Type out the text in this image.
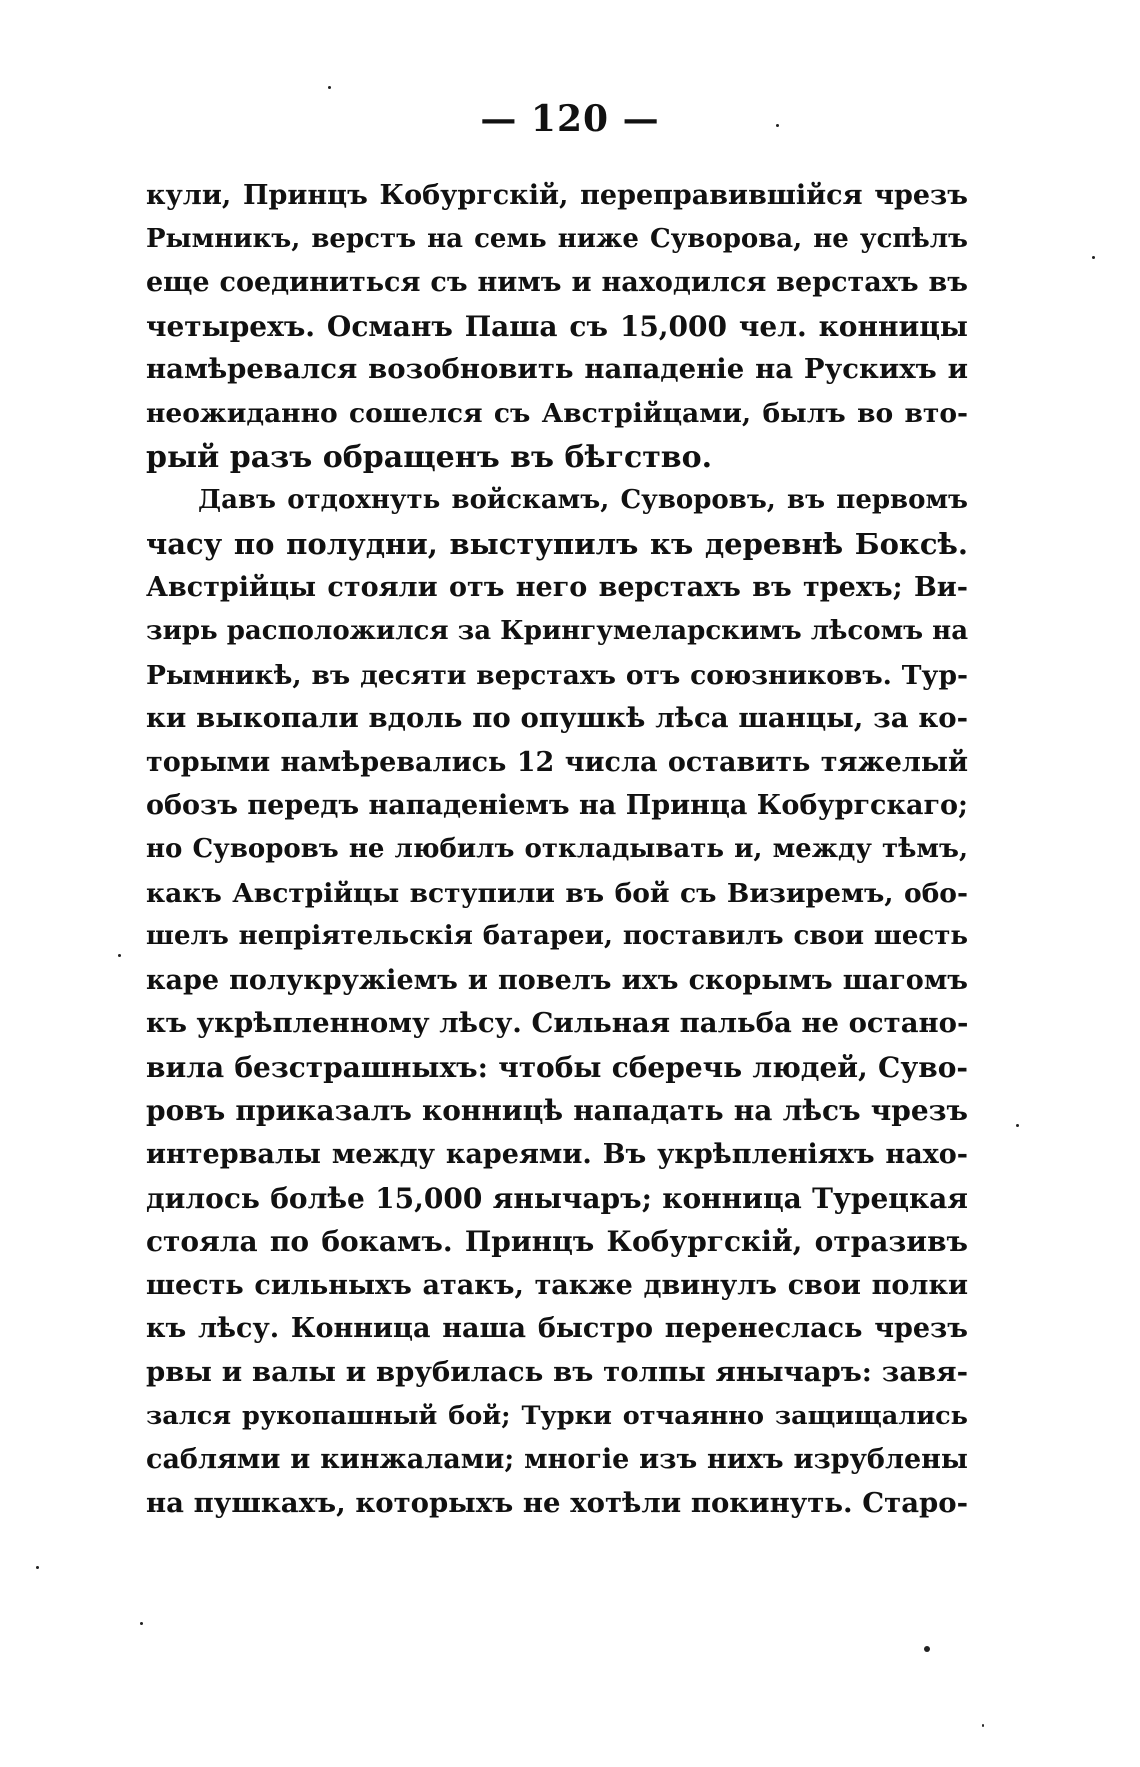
— 120 —
кули, Принцъ Кобургскій, переправившійся чрезъ
Рымникъ, верстъ на семь ниже Суворова, не успѣлъ
еще соединиться съ нимъ и находился верстахъ въ
четырехъ. Османъ Паша съ 15,000 чел. конницы
намѣревался возобновить нападеніе на Рускихъ и
неожиданно сошелся съ Австрійцами, былъ во вто-
рый разъ обращенъ въ бѣгство.
Давъ отдохнуть войскамъ, Суворовъ, въ первомъ
часу по полудни, выступилъ къ деревнѣ Боксѣ.
Австрійцы стояли отъ него верстахъ въ трехъ; Ви-
зирь расположился за Крингумеларскимъ лѣсомъ на
Рымникѣ, въ десяти верстахъ отъ союзниковъ. Тур-
ки выкопали вдоль по опушкѣ лѣса шанцы, за ко-
торыми намѣревались 12 числа оставить тяжелый
обозъ передъ нападеніемъ на Принца Кобургскаго;
но Суворовъ не любилъ откладывать и, между тѣмъ,
какъ Австрійцы вступили въ бой съ Визиремъ, обо-
шелъ непріятельскія батареи, поставилъ свои шесть
каре полукружіемъ и повелъ ихъ скорымъ шагомъ
къ укрѣпленному лѣсу. Сильная пальба не остано-
вила безстрашныхъ: чтобы сберечь людей, Суво-
ровъ приказалъ конницѣ нападать на лѣсъ чрезъ
интервалы между кареями. Въ укрѣпленіяхъ нахо-
дилось болѣе 15,000 янычаръ; конница Турецкая
стояла по бокамъ. Принцъ Кобургскій, отразивъ
шесть сильныхъ атакъ, также двинулъ свои полки
къ лѣсу. Конница наша быстро перенеслась чрезъ
рвы и валы и врубилась въ толпы янычаръ: завя-
зался рукопашный бой; Турки отчаянно защищались
саблями и кинжалами; многіе изъ нихъ изрублены
на пушкахъ, которыхъ не хотѣли покинуть. Старо-
